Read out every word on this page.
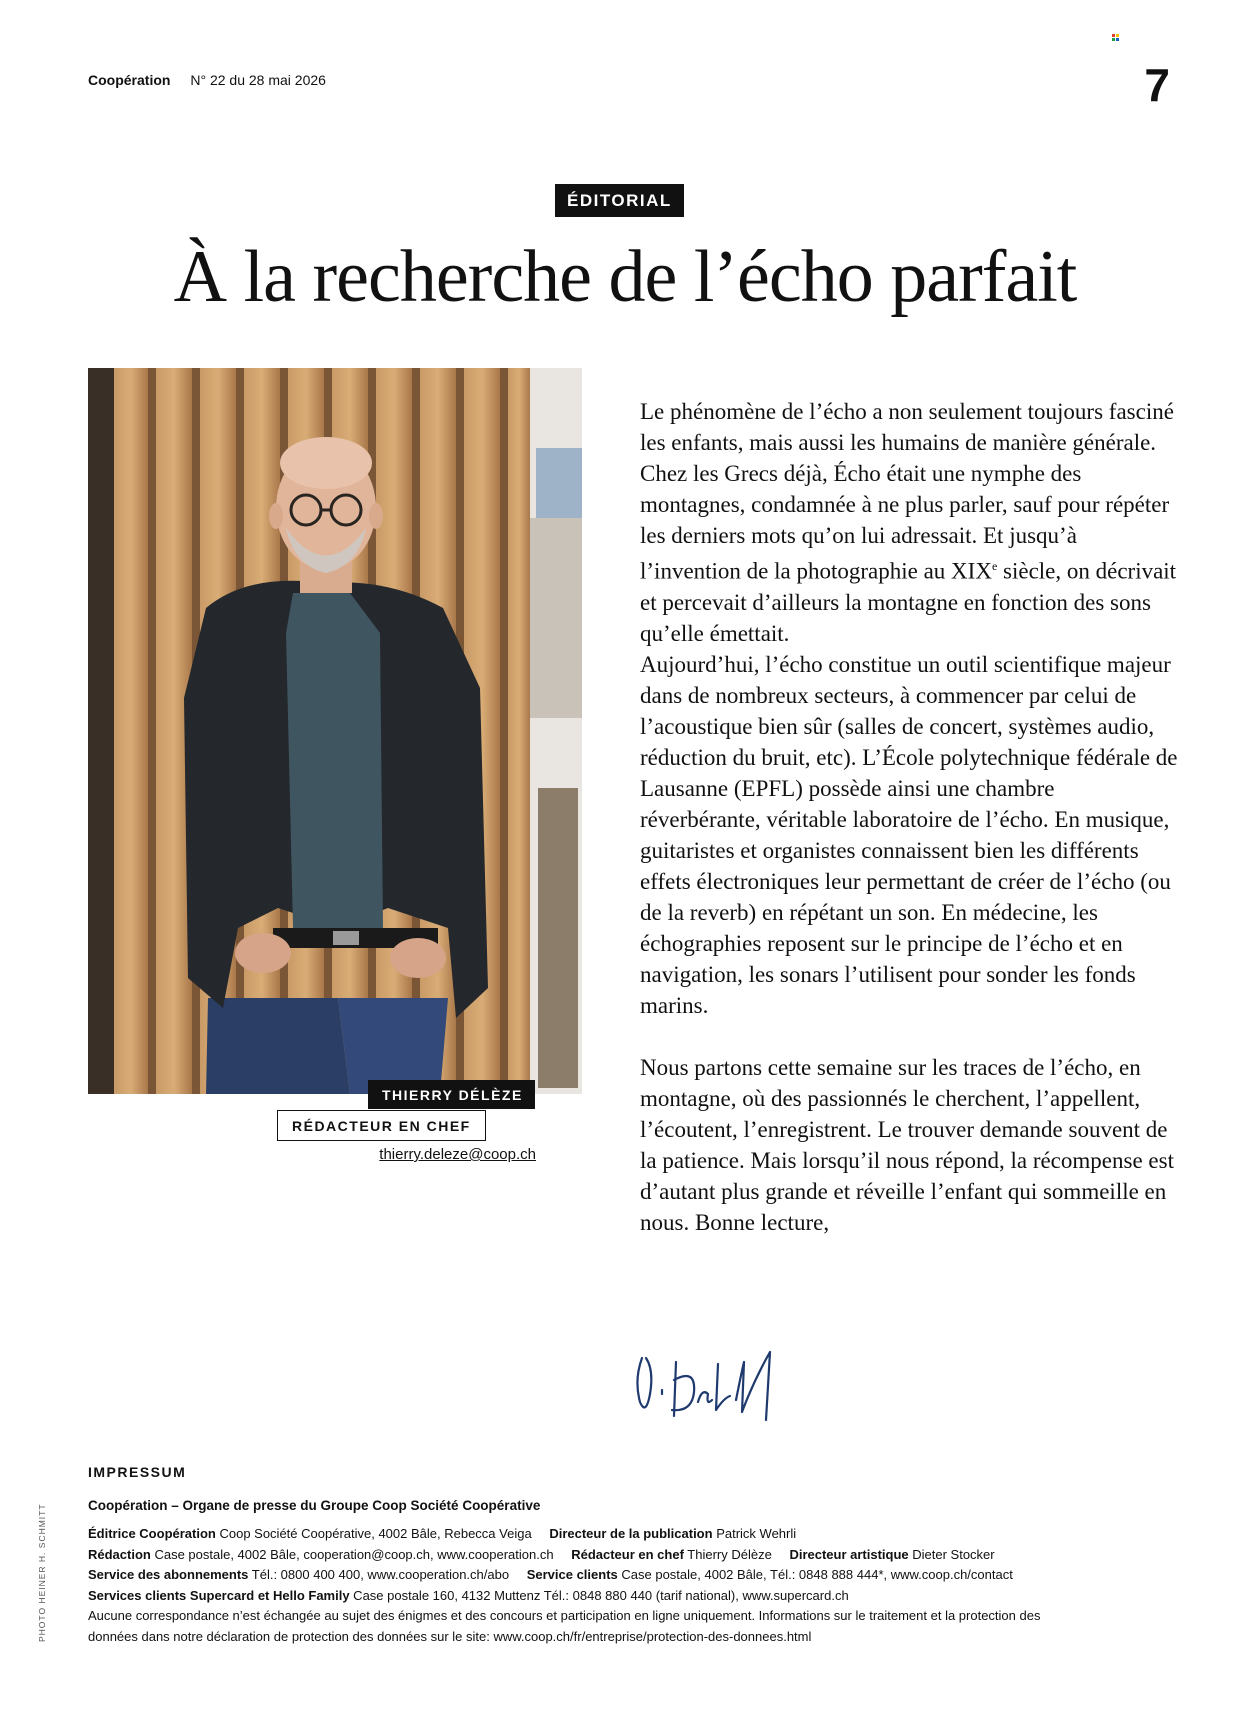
Coopération N° 22 du 28 mai 2026	7
ÉDITORIAL
À la recherche de l’écho parfait
THIERRY DÉLÈZE
RÉDACTEUR EN CHEF
thierry.deleze@coop.ch

Le phénomène de l’écho a non seulement toujours fasciné les enfants, mais aussi les humains de manière générale. Chez les Grecs déjà, Écho était une nymphe des montagnes, condamnée à ne plus parler, sauf pour répéter les derniers mots qu’on lui adressait. Et jusqu’à l’invention de la photographie au XIXe siècle, on décrivait et percevait d’ailleurs la montagne en fonction des sons qu’elle émettait.

Aujourd’hui, l’écho constitue un outil scientifique majeur dans de nombreux secteurs, à commencer par celui de l’acoustique bien sûr (salles de concert, systèmes audio, réduction du bruit, etc). L’École polytechnique fédérale de Lausanne (EPFL) possède ainsi une chambre réverbérante, véritable laboratoire de l’écho. En musique, guitaristes et organistes connaissent bien les différents effets électroniques leur permettant de créer de l’écho (ou de la reverb) en répétant un son. En médecine, les échographies reposent sur le principe de l’écho et en navigation, les sonars l’utilisent pour sonder les fonds marins.

Nous partons cette semaine sur les traces de l’écho, en montagne, où des passionnés le cherchent, l’appellent, l’écoutent, l’enregistrent. Le trouver demande souvent de la patience. Mais lorsqu’il nous répond, la récompense est d’autant plus grande et réveille l’enfant qui sommeille en nous. Bonne lecture,

IMPRESSUM
Coopération – Organe de presse du Groupe Coop Société Coopérative
Éditrice Coopération Coop Société Coopérative, 4002 Bâle, Rebecca Veiga Directeur de la publication Patrick Wehrli
Rédaction Case postale, 4002 Bâle, cooperation@coop.ch, www.cooperation.ch Rédacteur en chef Thierry Délèze Directeur artistique Dieter Stocker
Service des abonnements Tél.: 0800 400 400, www.cooperation.ch/abo Service clients Case postale, 4002 Bâle, Tél.: 0848 888 444*, www.coop.ch/contact
Services clients Supercard et Hello Family Case postale 160, 4132 Muttenz Tél.: 0848 880 440 (tarif national), www.supercard.ch
Aucune correspondance n’est échangée au sujet des énigmes et des concours et participation en ligne uniquement. Informations sur le traitement et la protection des données dans notre déclaration de protection des données sur le site: www.coop.ch/fr/entreprise/protection-des-donnees.html
PHOTO HEINER H. SCHMITT
